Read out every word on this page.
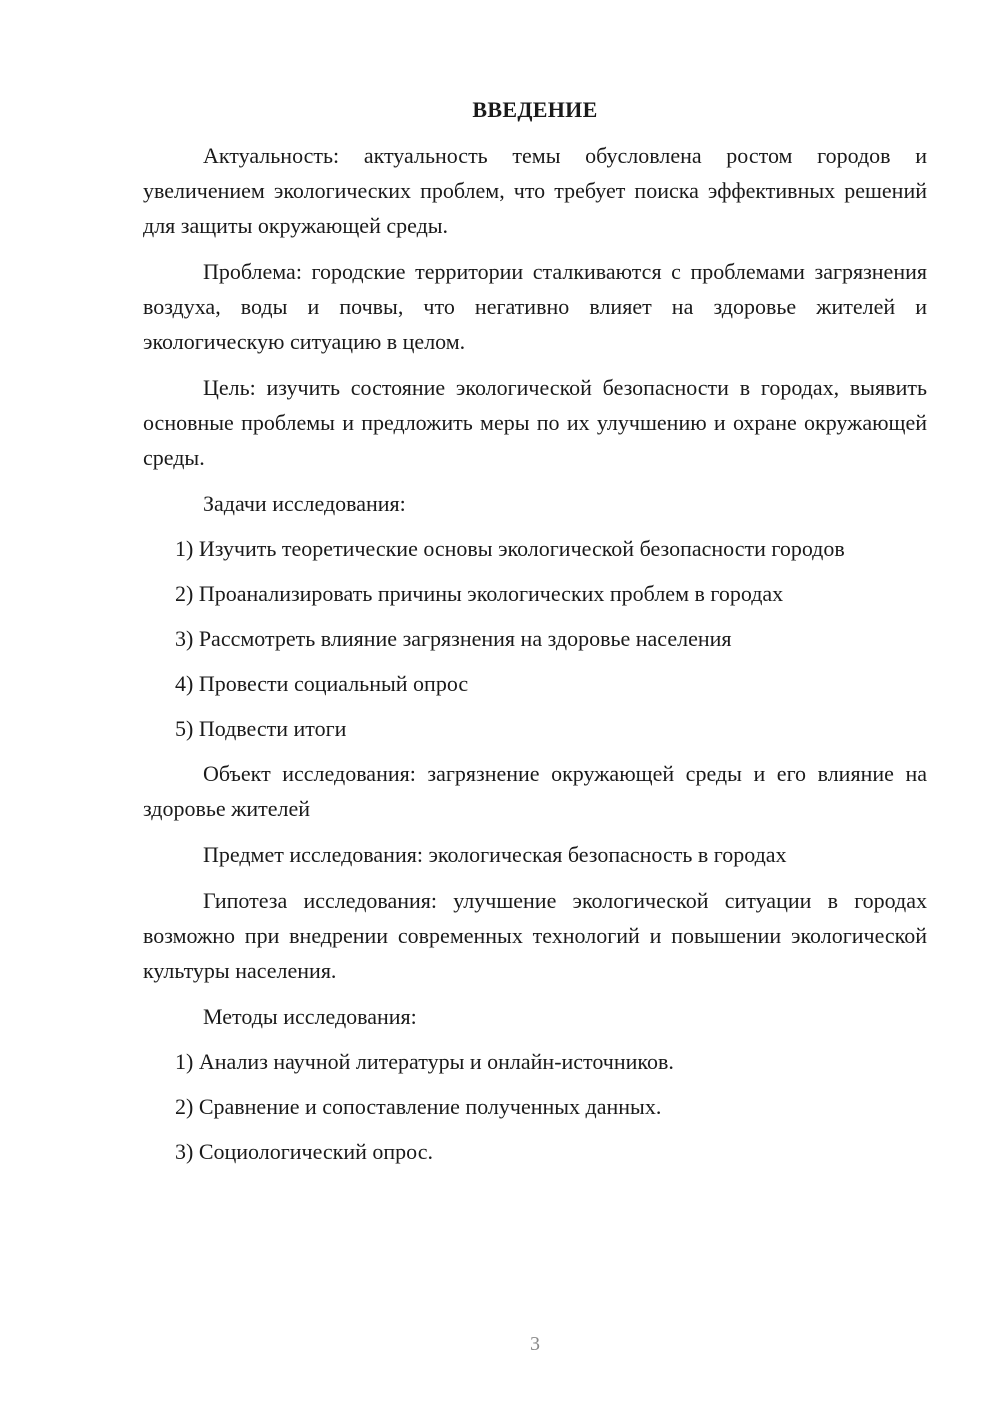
ВВЕДЕНИЕ

Актуальность: актуальность темы обусловлена ростом городов и увеличением экологических проблем, что требует поиска эффективных решений для защиты окружающей среды.

Проблема: городские территории сталкиваются с проблемами загрязнения воздуха, воды и почвы, что негативно влияет на здоровье жителей и экологическую ситуацию в целом.

Цель: изучить состояние экологической безопасности в городах, выявить основные проблемы и предложить меры по их улучшению и охране окружающей среды.

Задачи исследования:

1) Изучить теоретические основы экологической безопасности городов

2) Проанализировать причины экологических проблем в городах

3) Рассмотреть влияние загрязнения на здоровье населения

4) Провести социальный опрос

5) Подвести итоги

Объект исследования: загрязнение окружающей среды и его влияние на здоровье жителей

Предмет исследования: экологическая безопасность в городах

Гипотеза исследования: улучшение экологической ситуации в городах возможно при внедрении современных технологий и повышении экологической культуры населения.

Методы исследования:

1) Анализ научной литературы и онлайн-источников.

2) Сравнение и сопоставление полученных данных.

3) Социологический опрос.

3
